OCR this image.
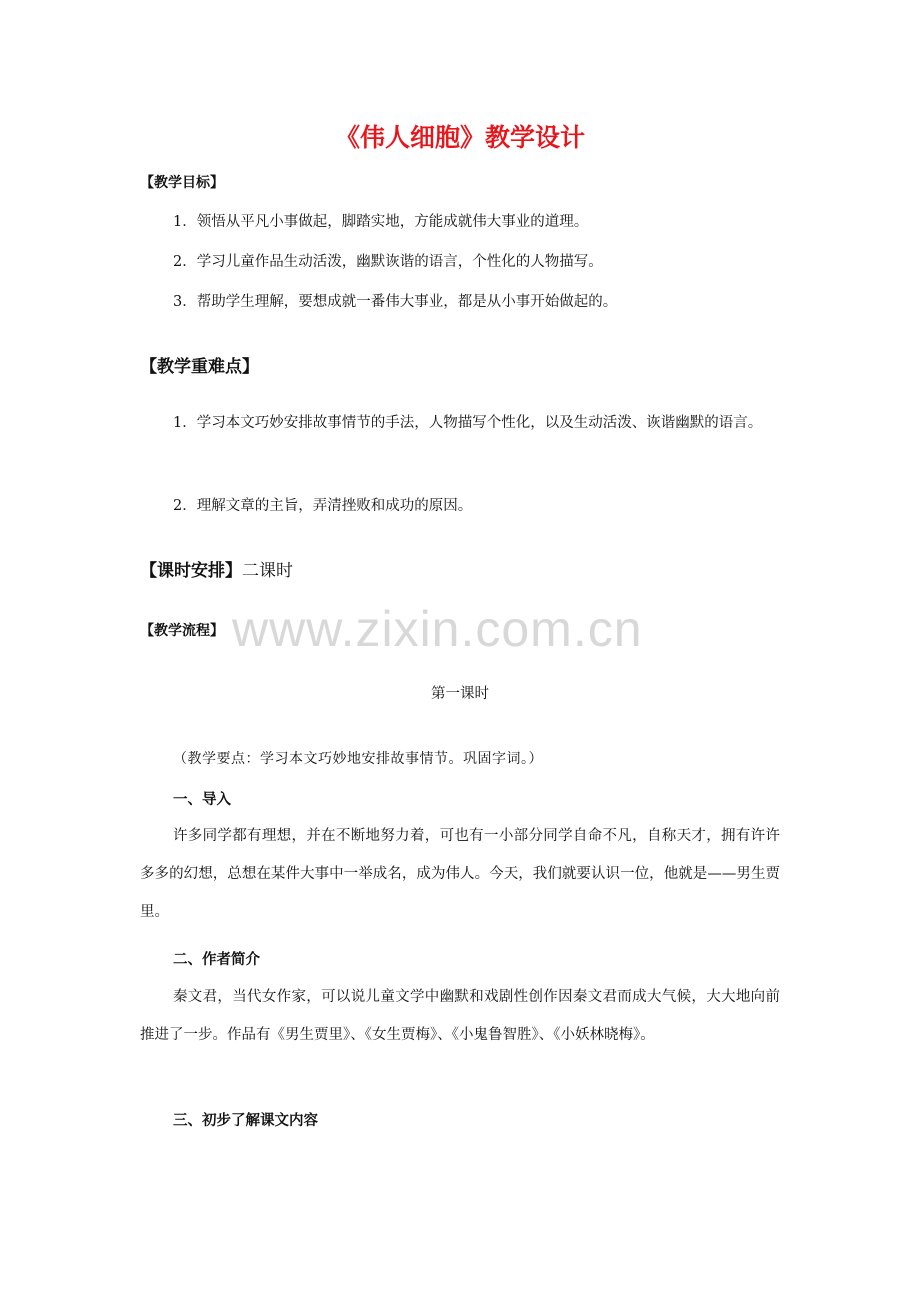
《伟人细胞》教学设计
【教学目标】
1．领悟从平凡小事做起，脚踏实地，方能成就伟大事业的道理。
2．学习儿童作品生动活泼，幽默诙谐的语言，个性化的人物描写。
3．帮助学生理解，要想成就一番伟大事业，都是从小事开始做起的。
【教学重难点】
1．学习本文巧妙安排故事情节的手法，人物描写个性化，以及生动活泼、诙谐幽默的语言。
2．理解文章的主旨，弄清挫败和成功的原因。
【课时安排】二课时
【教学流程】 www.zixin.com.cn
第一课时
（教学要点：学习本文巧妙地安排故事情节。巩固字词。）
一、导入
许多同学都有理想，并在不断地努力着，可也有一小部分同学自命不凡，自称天才，拥有许许多多的幻想，总想在某件大事中一举成名，成为伟人。今天，我们就要认识一位，他就是——男生贾里。
二、作者简介
秦文君，当代女作家，可以说儿童文学中幽默和戏剧性创作因秦文君而成大气候，大大地向前推进了一步。作品有《男生贾里》、《女生贾梅》、《小鬼鲁智胜》、《小妖林晓梅》。
三、初步了解课文内容
